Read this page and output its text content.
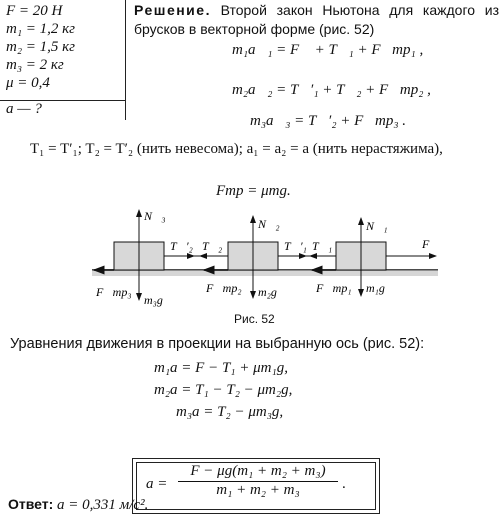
F = 20 Н
m₁ = 1,2 кг
m₂ = 1,5 кг
m₃ = 2 кг
μ = 0,4
a — ?
Решение. Второй закон Ньютона для каждого из брусков в векторной форме (рис. 52)
m₁a⃗₁ = F⃗ + T⃗₁ + F⃗тр₁ ,
m₂a⃗₂ = T⃗′₁ + T⃗₂ + F⃗тр₂ ,
m₃a⃗₃ = T⃗′₂ + F⃗тр₃ .
T₁ = T′₁; T₂ = T′₂ (нить невесома); a₁ = a₂ = a (нить нерастяжима),
Fтр = μmg.
N⃗₃
N⃗₂	N⃗₁
T⃗′₂ T⃗₂	T⃗′₁ T⃗₁	F⃗
F⃗тр₃	F⃗тр₂	F⃗тр₁
m₃g⃗
m₂g⃗	m₁g⃗
Рис. 52
Уравнения движения в проекции на выбранную ось (рис. 52):
m₁a = F − T₁ + μm₁g,
m₂a = T₁ − T₂ − μm₂g,
m₃a = T₂ − μm₃g,
$a = \frac{\text{F − μg(m₁ + m₂ + m₃)}}{\text{m₁ + m₂ + m₃}}$ .
Ответ: a = 0,331 м/с².
